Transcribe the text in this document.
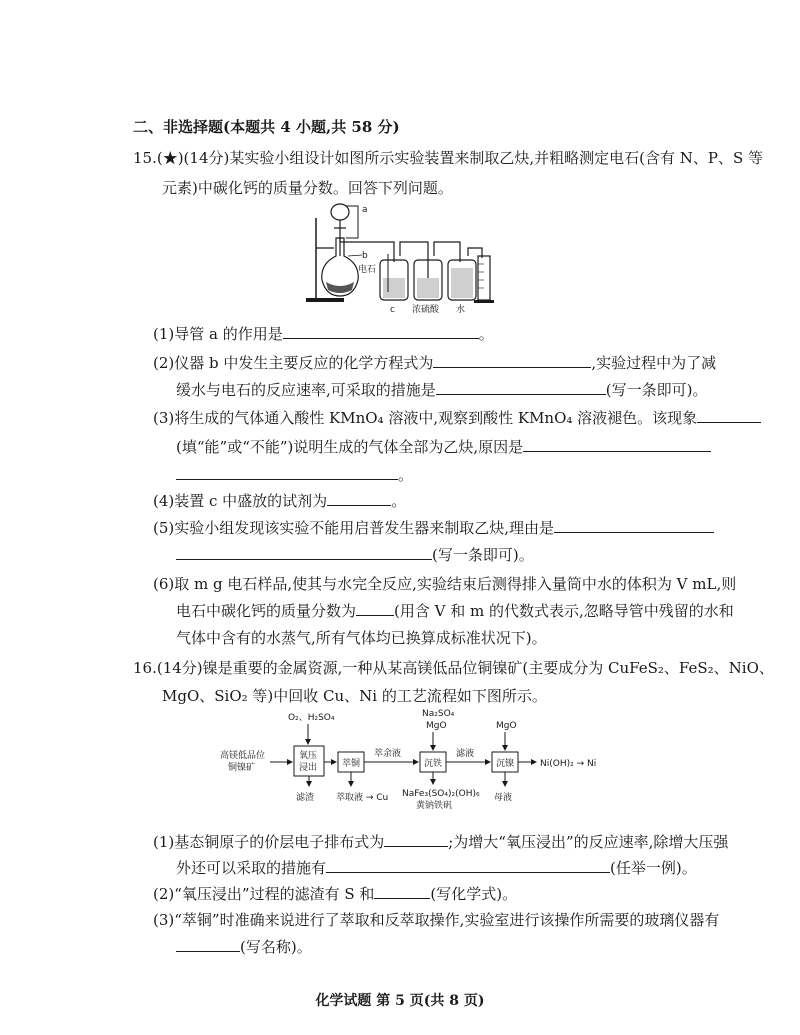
二、非选择题(本题共 4 小题,共 58 分)
15.(★)(14分)某实验小组设计如图所示实验装置来制取乙炔,并粗略测定电石(含有 N、P、S 等
元素)中碳化钙的质量分数。回答下列问题。
a
b
电石
c 浓硫酸 水
(1)导管 a 的作用是	。
(2)仪器 b 中发生主要反应的化学方程式为	,实验过程中为了减
缓水与电石的反应速率,可采取的措施是	(写一条即可)。
(3)将生成的气体通入酸性 KMnO₄ 溶液中,观察到酸性 KMnO₄ 溶液褪色。该现象
(填“能”或“不能”)说明生成的气体全部为乙炔,原因是
。
(4)装置 c 中盛放的试剂为	。
(5)实验小组发现该实验不能用启普发生器来制取乙炔,理由是
(写一条即可)。
(6)取 m g 电石样品,使其与水完全反应,实验结束后测得排入量筒中水的体积为 V mL,则
电石中碳化钙的质量分数为	(用含 V 和 m 的代数式表示,忽略导管中残留的水和
气体中含有的水蒸气,所有气体均已换算成标准状况下)。
16.(14分)镍是重要的金属资源,一种从某高镁低品位铜镍矿(主要成分为 CuFeS₂、FeS₂、NiO、
MgO、SiO₂ 等)中回收 Cu、Ni 的工艺流程如下图所示。
高镁低品位
铜镍矿
O₂、H₂SO₄
氧压
浸出
滤渣
萃铜
萃取液 → Cu
萃余液
Na₂SO₄
MgO
沉铁
NaFe₃(SO₄)₂(OH)₆
黄钠铁矾
滤液
MgO
沉镍
母液
Ni(OH)₂ → Ni
(1)基态铜原子的价层电子排布式为	;为增大“氧压浸出”的反应速率,除增大压强
外还可以采取的措施有	(任举一例)。
(2)“氧压浸出”过程的滤渣有 S 和	(写化学式)。
(3)“萃铜”时准确来说进行了萃取和反萃取操作,实验室进行该操作所需要的玻璃仪器有
(写名称)。
化学试题 第 5 页(共 8 页)
